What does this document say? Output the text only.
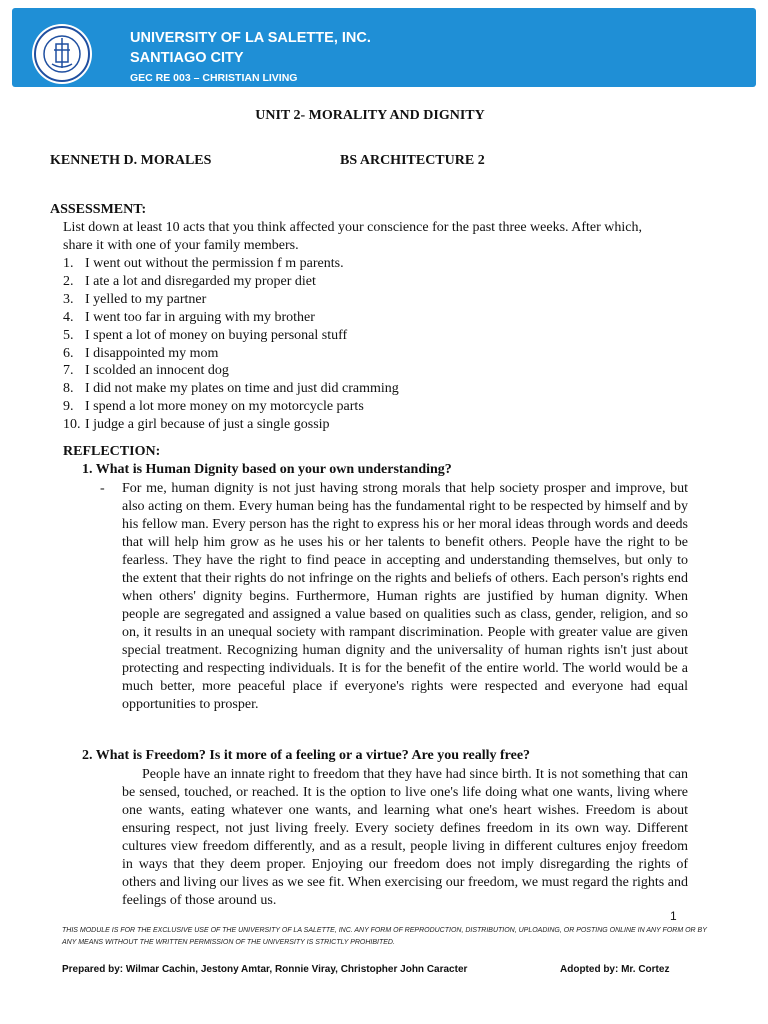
UNIVERSITY OF LA SALETTE, INC.
SANTIAGO CITY
GEC RE 003 – CHRISTIAN LIVING
UNIT 2- MORALITY AND DIGNITY
KENNETH D. MORALES	BS ARCHITECTURE 2
ASSESSMENT:
List down at least 10 acts that you think affected your conscience for the past three weeks. After which, share it with one of your family members.
1. I went out without the permission f m parents.
2. I ate a lot and disregarded my proper diet
3. I yelled to my partner
4. I went too far in arguing with my brother
5. I spent a lot of money on buying personal stuff
6. I disappointed my mom
7. I scolded an innocent dog
8. I did not make my plates on time and just did cramming
9. I spend a lot more money on my motorcycle parts
10. I judge a girl because of just a single gossip
REFLECTION:
1. What is Human Dignity based on your own understanding?
- For me, human dignity is not just having strong morals that help society prosper and improve, but also acting on them. Every human being has the fundamental right to be respected by himself and by his fellow man. Every person has the right to express his or her moral ideas through words and deeds that will help him grow as he uses his or her talents to benefit others. People have the right to be fearless. They have the right to find peace in accepting and understanding themselves, but only to the extent that their rights do not infringe on the rights and beliefs of others. Each person's rights end when others' dignity begins. Furthermore, Human rights are justified by human dignity. When people are segregated and assigned a value based on qualities such as class, gender, religion, and so on, it results in an unequal society with rampant discrimination. People with greater value are given special treatment. Recognizing human dignity and the universality of human rights isn't just about protecting and respecting individuals. It is for the benefit of the entire world. The world would be a much better, more peaceful place if everyone's rights were respected and everyone had equal opportunities to prosper.
2. What is Freedom? Is it more of a feeling or a virtue? Are you really free?
People have an innate right to freedom that they have had since birth. It is not something that can be sensed, touched, or reached. It is the option to live one's life doing what one wants, living where one wants, eating whatever one wants, and learning what one's heart wishes. Freedom is about ensuring respect, not just living freely. Every society defines freedom in its own way. Different cultures view freedom differently, and as a result, people living in different cultures enjoy freedom in ways that they deem proper. Enjoying our freedom does not imply disregarding the rights of others and living our lives as we see fit. When exercising our freedom, we must regard the rights and feelings of those around us.
1
THIS MODULE IS FOR THE EXCLUSIVE USE OF THE UNIVERSITY OF LA SALETTE, INC. ANY FORM OF REPRODUCTION, DISTRIBUTION, UPLOADING, OR POSTING ONLINE IN ANY FORM OR BY ANY MEANS WITHOUT THE WRITTEN PERMISSION OF THE UNIVERSITY IS STRICTLY PROHIBITED.
Prepared by: Wilmar Cachin, Jestony Amtar, Ronnie Viray, Christopher John Caracter	Adopted by: Mr. Cortez
